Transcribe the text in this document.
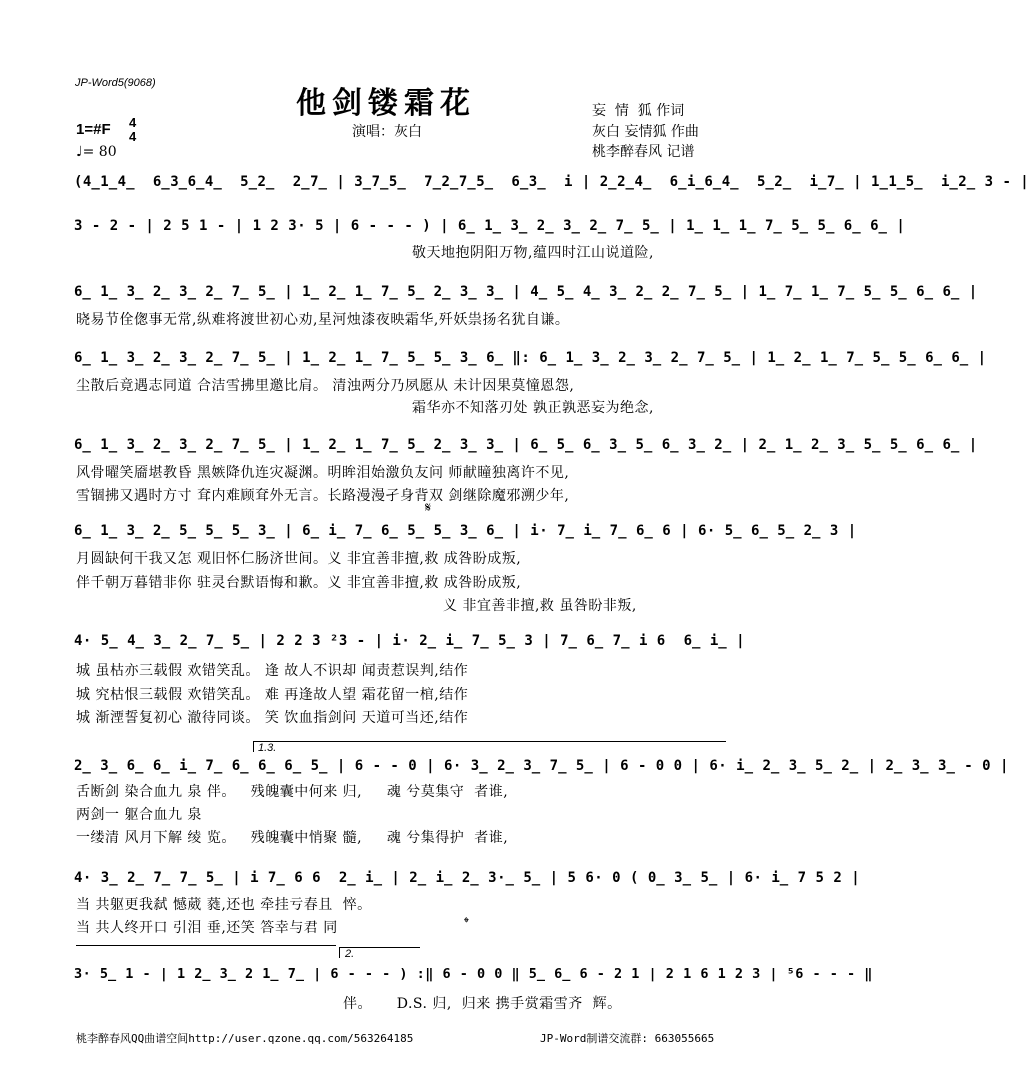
JP-Word5(9068)
他剑镂霜花
演唱：灰白
妄  情  狐 作词
灰白 妄情狐 作曲
桃李醉春风 记谱
1=#F 4
4
♩= 80
(4̲1̲4̲  6̲3̲6̲4̲  5̲2̲  2̲7̲ | 3̲7̲5̲  7̲2̲7̲5̲  6̲3̲  i | 2̲2̲4̲  6̲i̲6̲4̲  5̲2̲  i̲7̲ | 1̲1̲5̲  i̲2̲ 3 - |
3 - 2 - | 2 5 1 - | 1 2 3· 5 | 6 - - - ) | 6̲ 1̲ 3̲ 2̲ 3̲ 2̲ 7̲ 5̲ | 1̲ 1̲ 1̲ 7̲ 5̲ 5̲ 6̲ 6̲ |
敬天地抱阴阳万物,蕴四时江山说道险,
6̲ 1̲ 3̲ 2̲ 3̲ 2̲ 7̲ 5̲ | 1̲ 2̲ 1̲ 7̲ 5̲ 2̲ 3̲ 3̲ | 4̲ 5̲ 4̲ 3̲ 2̲ 2̲ 7̲ 5̲ | 1̲ 7̲ 1̲ 7̲ 5̲ 5̲ 6̲ 6̲ |
晓易节佺偬事无常,纵难将渡世初心劝,星河烛漆夜映霜华,歼妖祟扬名犹自谦。
6̲ 1̲ 3̲ 2̲ 3̲ 2̲ 7̲ 5̲ | 1̲ 2̲ 1̲ 7̲ 5̲ 5̲ 3̲ 6̲ ‖: 6̲ 1̲ 3̲ 2̲ 3̲ 2̲ 7̲ 5̲ | 1̲ 2̲ 1̲ 7̲ 5̲ 5̲ 6̲ 6̲ |
尘散后竟遇志同道 合洁雪拂里邀比肩。 清浊两分乃夙愿从 未计因果莫憧恩怨,
霜华亦不知落刃处 孰正孰恶妄为绝念,
6̲ 1̲ 3̲ 2̲ 3̲ 2̲ 7̲ 5̲ | 1̲ 2̲ 1̲ 7̲ 5̲ 2̲ 3̲ 3̲ | 6̲ 5̲ 6̲ 3̲ 5̲ 6̲ 3̲ 2̲ | 2̲ 1̲ 2̲ 3̲ 5̲ 5̲ 6̲ 6̲ |
风骨曜笑靥堪教昏 黑嫉降仇连灾凝渊。明眸泪始激负友问 师献瞳独离许不见,
雪锢拂又遇时方寸 耷内难顾耷外无言。长路漫漫孑身背双 剑继除魔邪溯少年,
𝄋
6̲ 1̲ 3̲ 2̲ 5̲ 5̲ 5̲ 3̲ | 6̲ i̲ 7̲ 6̲ 5̲ 5̲ 3̲ 6̲ | i· 7̲ i̲ 7̲ 6̲ 6 | 6· 5̲ 6̲ 5̲ 2̲ 3 |
月圆缺何干我又怎 观旧怀仁肠济世间。义 非宜善非擅,救 成咎盼成叛,
伴千朝万暮错非你 驻灵台默语悔和歉。义 非宜善非擅,救 成咎盼成叛,
义 非宜善非擅,救 虽咎盼非叛,
4· 5̲ 4̲ 3̲ 2̲ 7̲ 5̲ | 2 2 3 ²3 - | i· 2̲ i̲ 7̲ 5̲ 3 | 7̲ 6̲ 7̲ i 6  6̲ i̲ |
城 虽枯亦三载假 欢错笑乱。 逢 故人不识却 闻责惹误判,结作
城 究枯恨三载假 欢错笑乱。 难 再逢故人望 霜花留一棺,结作
城 渐湮誓复初心 澈待同谈。 笑 饮血指剑问 天道可当还,结作
1.3.
2̲ 3̲ 6̲ 6̲ i̲ 7̲ 6̲ 6̲ 6̲ 5̲ | 6 - - 0 | 6· 3̲ 2̲ 3̲ 7̲ 5̲ | 6 - 0 0 | 6· i̲ 2̲ 3̲ 5̲ 2̲ | 2̲ 3̲ 3̲ - 0 |
舌断剑 染合血九 泉 伴。   残魄囊中何来 归,     魂 兮莫集守  者谁,
两剑一 躯合血九 泉
一缕清 风月下解 绫 览。   残魄囊中悄聚 髓,     魂 兮集得护  者谁,
4· 3̲ 2̲ 7̲ 7̲ 5̲ | i 7̲ 6 6  2̲ i̲ | 2̲ i̲ 2̲ 3·̲ 5̲ | 5 6· 0 ( 0̲ 3̲ 5̲ | 6· i̲ 7 5 2 |
当 共躯更我弑 憾葳 蕤,还也 牵挂亏春且  悴。
当 共人终开口 引泪 垂,还笑 答幸与君 同	𝄌
2.
3· 5̲ 1 - | 1 2̲ 3̲ 2 1̲ 7̲ | 6 - - - ) :‖ 6 - 0 0 ‖ 5̲ 6̲ 6 - 2 1 | 2 1 6 1 2 3 | ⁵6 - - - ‖
伴。     D.S. 归,  归来 携手赏霜雪齐  辉。
桃李醉春风QQ曲谱空间http://user.qzone.qq.com/563264185	JP-Word制谱交流群: 663055665
